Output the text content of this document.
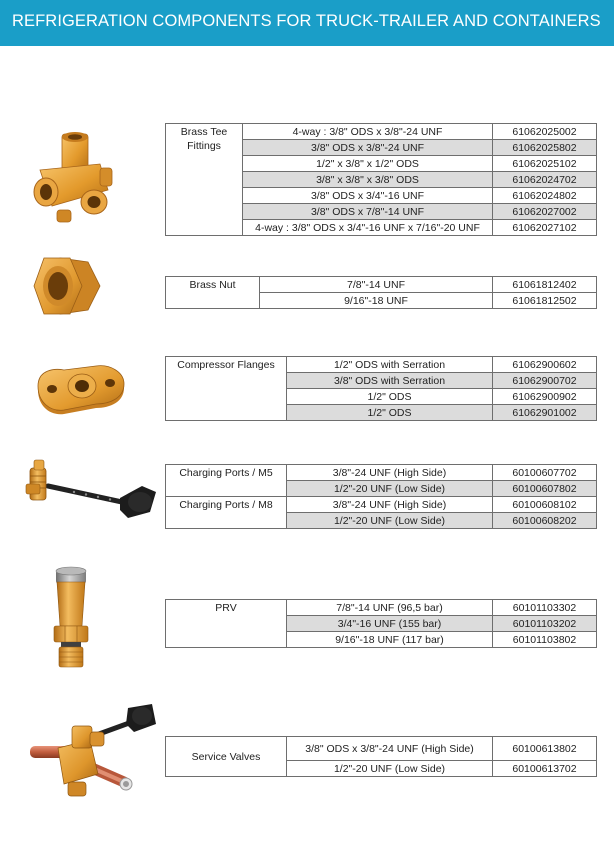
REFRIGERATION COMPONENTS FOR TRUCK-TRAILER AND CONTAINERS
Brass Tee Fittings	4-way : 3/8" ODS x 3/8"-24 UNF	61062025002
	3/8" ODS x 3/8"-24 UNF	61062025802
	1/2" x 3/8" x 1/2" ODS	61062025102
	3/8" x 3/8" x 3/8" ODS	61062024702
	3/8" ODS x 3/4"-16 UNF	61062024802
	3/8" ODS x 7/8"-14 UNF	61062027002
	4-way : 3/8" ODS x 3/4"-16 UNF x 7/16"-20 UNF	61062027102
Brass Nut	7/8"-14 UNF	61061812402
	9/16"-18 UNF	61061812502
Compressor Flanges	1/2" ODS with Serration	61062900602
	3/8" ODS with Serration	61062900702
	1/2" ODS	61062900902
	1/2" ODS	61062901002
Charging Ports / M5	3/8"-24 UNF (High Side)	60100607702
	1/2"-20 UNF (Low Side)	60100607802
Charging Ports / M8	3/8"-24 UNF (High Side)	60100608102
	1/2"-20 UNF (Low Side)	60100608202
PRV	7/8"-14 UNF (96,5 bar)	60101103302
	3/4"-16 UNF (155 bar)	60101103202
	9/16"-18 UNF (117 bar)	60101103802
Service Valves	3/8" ODS x 3/8"-24 UNF (High Side)	60100613802
	1/2"-20 UNF (Low Side)	60100613702
